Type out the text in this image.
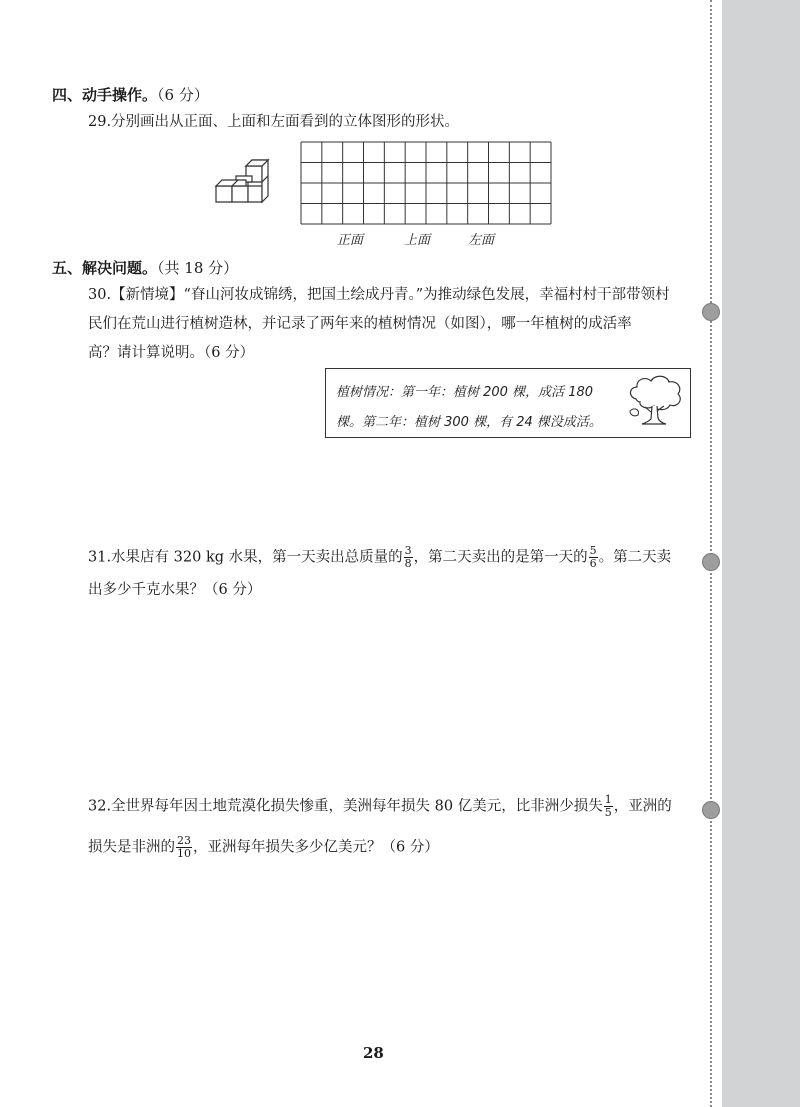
四、动手操作。（6 分）
29.分别画出从正面、上面和左面看到的立体图形的形状。
正面	上面	左面
五、解决问题。（共 18 分）
30.【新情境】“眘山河妆成锦绣，把国土绘成丹青。”为推动绿色发展，幸福村村干部带领村
民们在荒山进行植树造林，并记录了两年来的植树情况（如图），哪一年植树的成活率
高？请计算说明。（6 分）
植树情况：第一年：植树 200 棵，成活 180
棵。第二年：植树 300 棵，有 24 棵没成活。
31.水果店有 320 kg 水果，第一天卖出总质量的 $\frac{3}{8}$ ，第二天卖出的是第一天的 $\frac{5}{6}$ 。第二天卖
出多少千克水果？（6 分）
32.全世界每年因土地荒漠化损失惨重，美洲每年损失 80 亿美元，比非洲少损失 $\frac{1}{5}$ ，亚洲的
损失是非洲的 $\frac{23}{10}$ ，亚洲每年损失多少亿美元？（6 分）
28
